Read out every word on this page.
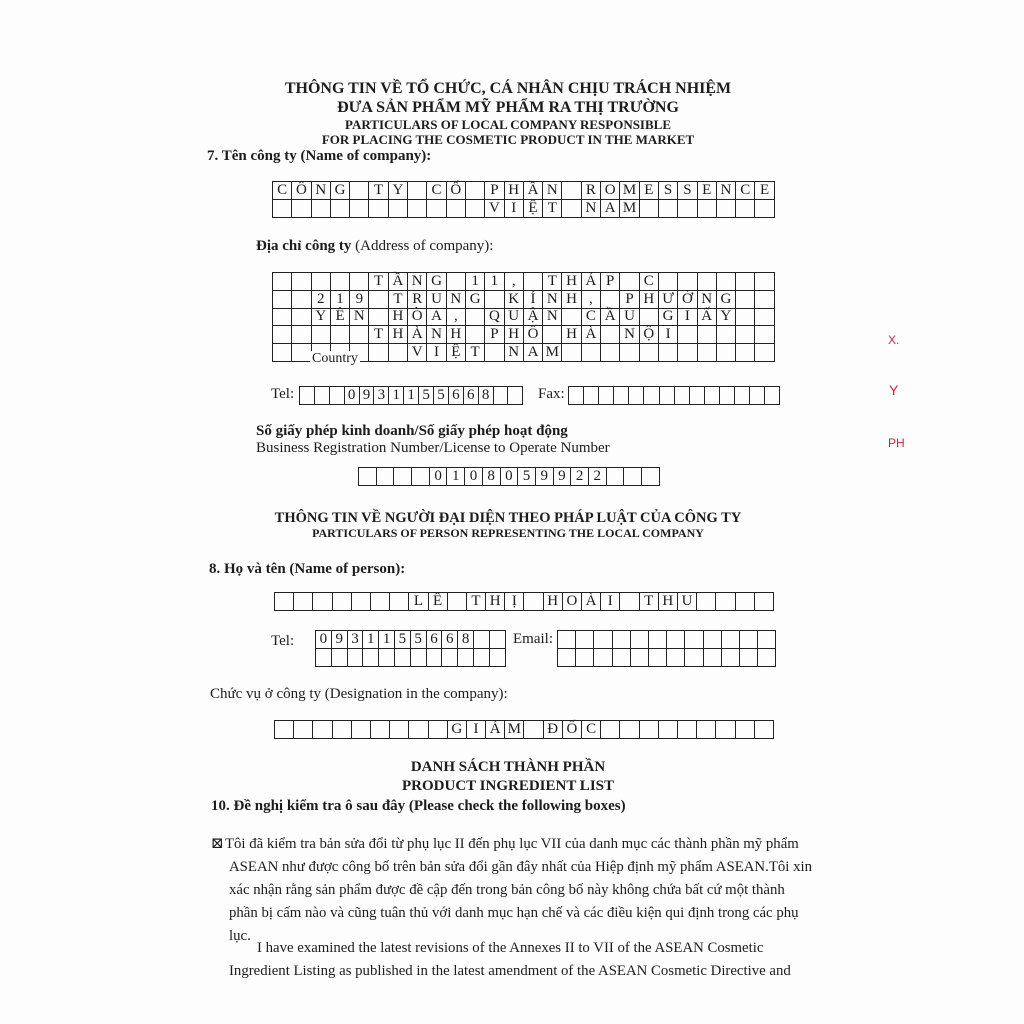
THÔNG TIN VỀ TỔ CHỨC, CÁ NHÂN CHỊU TRÁCH NHIỆM
ĐƯA SẢN PHẨM MỸ PHẨM RA THỊ TRƯỜNG
PARTICULARS OF LOCAL COMPANY RESPONSIBLE
FOR PLACING THE COSMETIC PRODUCT IN THE MARKET
7. Tên công ty (Name of company):
C Ô N G	T Y	C Ổ	P H Ầ N	R O M E S S E N C E
V I Ệ T	N A M
Địa chỉ công ty (Address of company):
T Ầ N G	1 1 ,	T H Á P	C
2 1 9	T R U N G	K Í N H ,	P H Ư Ờ N G
Y Ê N	H Ò A ,	Q U Ậ N	C Ầ U	G I Ấ Y
T H À N H	P H Ố	H À	N Ộ I
V I Ệ T	N A M
Country
Tel:	0 9 3 1 1 5 5 6 6 8	Fax:
Số giấy phép kinh doanh/Số giấy phép hoạt động
Business Registration Number/License to Operate Number
0 1 0 8 0 5 9 9 2 2
THÔNG TIN VỀ NGƯỜI ĐẠI DIỆN THEO PHÁP LUẬT CỦA CÔNG TY
PARTICULARS OF PERSON REPRESENTING THE LOCAL COMPANY
8. Họ và tên (Name of person):
L Ê	T H Ị	H O À I	T H U
Tel: 0 9 3 1 1 5 5 6 6 8	Email:
Chức vụ ở công ty (Designation in the company):
G I Á M Đ Ố C
DANH SÁCH THÀNH PHẦN
PRODUCT INGREDIENT LIST
10. Đề nghị kiểm tra ô sau đây (Please check the following boxes)
⊠ Tôi đã kiểm tra bản sửa đổi từ phụ lục II đến phụ lục VII của danh mục các thành phần mỹ phẩm
ASEAN như được công bố trên bản sửa đổi gần đây nhất của Hiệp định mỹ phẩm ASEAN.Tôi xin
xác nhận rằng sản phẩm được đề cập đến trong bản công bố này không chứa bất cứ một thành
phần bị cấm nào và cũng tuân thủ với danh mục hạn chế và các điều kiện qui định trong các phụ
lục.
I have examined the latest revisions of the Annexes II to VII of the ASEAN Cosmetic
Ingredient Listing as published in the latest amendment of the ASEAN Cosmetic Directive and
X.
Y
PH
